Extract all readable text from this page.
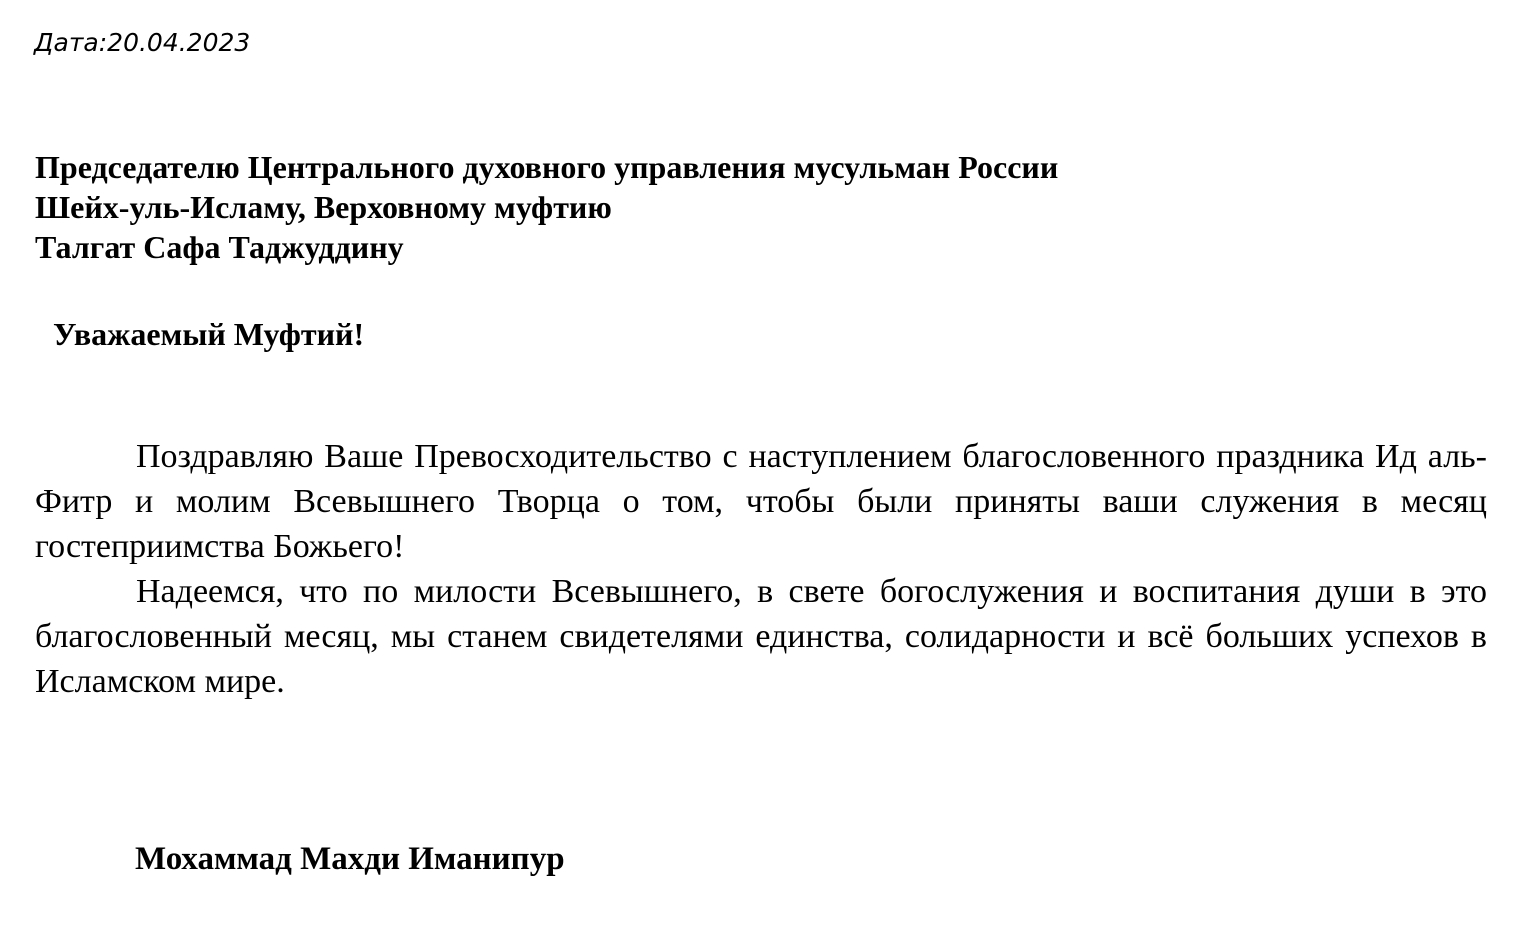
Дата:20.04.2023
Председателю Центрального духовного управления мусульман России
Шейх-уль-Исламу, Верховному муфтию
Талгат Сафа Таджуддину
Уважаемый Муфтий!

Поздравляю Ваше Превосходительство с наступлением благословенного праздника Ид аль-Фитр и молим Всевышнего Творца о том, чтобы были приняты ваши служения в месяц гостеприимства Божьего!

Надеемся, что по милости Всевышнего, в свете богослужения и воспитания души в это благословенный месяц, мы станем свидетелями единства, солидарности и всё больших успехов в Исламском мире.

Мохаммад Махди Иманипур
